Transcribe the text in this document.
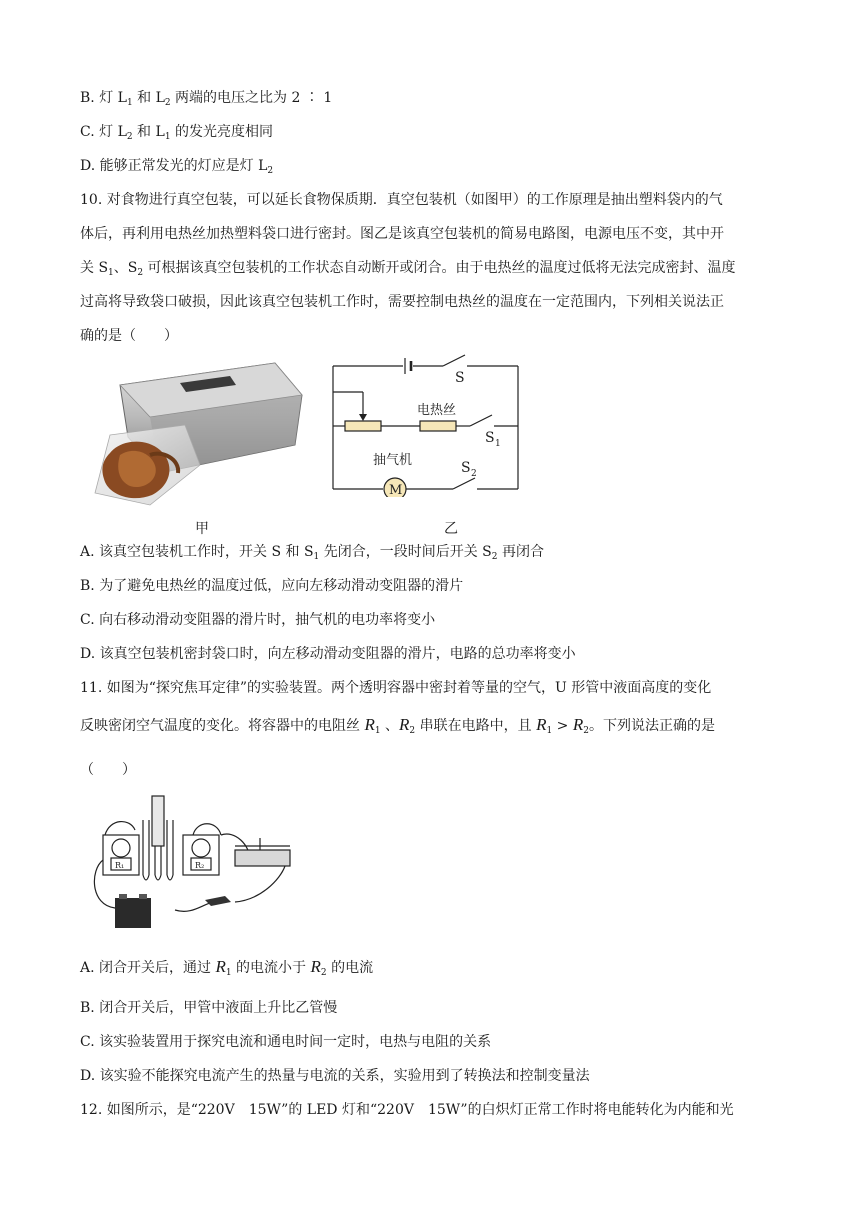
B. 灯 $L_1$ 和 $L_2$ 两端的电压之比为 2 ∶ 1
C. 灯 $L_2$ 和 $L_1$ 的发光亮度相同
D. 能够正常发光的灯应是灯 $L_2$
10. 对食物进行真空包装，可以延长食物保质期．真空包装机（如图甲）的工作原理是抽出塑料袋内的气
体后，再利用电热丝加热塑料袋口进行密封。图乙是该真空包装机的简易电路图，电源电压不变，其中开
关 $S_1$、$S_2$ 可根据该真空包装机的工作状态自动断开或闭合。由于电热丝的温度过低将无法完成密封、温度
过高将导致袋口破损，因此该真空包装机工作时，需要控制电热丝的温度在一定范围内，下列相关说法正
确的是（　　）
甲
S
电热丝
S 1
抽气机
M
S 2
乙
A. 该真空包装机工作时，开关 S 和 $S_1$ 先闭合，一段时间后开关 $S_2$ 再闭合
B. 为了避免电热丝的温度过低，应向左移动滑动变阻器的滑片
C. 向右移动滑动变阻器的滑片时，抽气机的电功率将变小
D. 该真空包装机密封袋口时，向左移动滑动变阻器的滑片，电路的总功率将变小
11. 如图为“探究焦耳定律”的实验装置。两个透明容器中密封着等量的空气，U 形管中液面高度的变化
反映密闭空气温度的变化。将容器中的电阻丝 $R_1$ 、$R_2$ 串联在电路中，且 $R_1 > R_2$。下列说法正确的是
（　　）
R₁	R₂
A. 闭合开关后，通过 $R_1$ 的电流小于 $R_2$ 的电流
B. 闭合开关后，甲管中液面上升比乙管慢
C. 该实验装置用于探究电流和通电时间一定时，电热与电阻的关系
D. 该实验不能探究电流产生的热量与电流的关系，实验用到了转换法和控制变量法
12. 如图所示，是“220V　15W”的 LED 灯和“220V　15W”的白炽灯正常工作时将电能转化为内能和光
